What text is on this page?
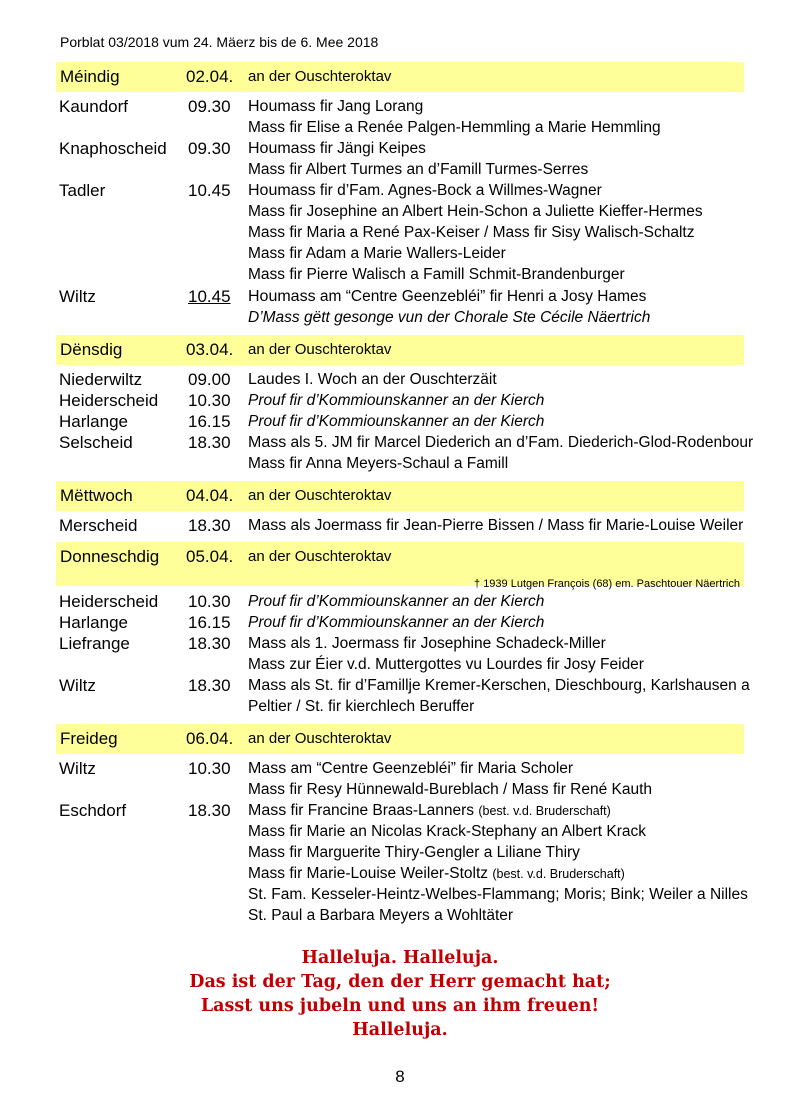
Porblat 03/2018 vum 24. Mäerz bis de 6. Mee 2018
Méindig	02.04. an der Ouschteroktav
Kaundorf	09.30 Houmass fir Jang Lorang
Mass fir Elise a Renée Palgen-Hemmling a Marie Hemmling
Knaphoscheid 09.30 Houmass fir Jängi Keipes
Mass fir Albert Turmes an d’Famill Turmes-Serres
Tadler	10.45 Houmass fir d’Fam. Agnes-Bock a Willmes-Wagner
Mass fir Josephine an Albert Hein-Schon a Juliette Kieffer-Hermes
Mass fir Maria a René Pax-Keiser / Mass fir Sisy Walisch-Schaltz
Mass fir Adam a Marie Wallers-Leider
Mass fir Pierre Walisch a Famill Schmit-Brandenburger
Wiltz	10.45 Houmass am “Centre Geenzebléi” fir Henri a Josy Hames
D’Mass gëtt gesonge vun der Chorale Ste Cécile Näertrich
Dënsdig	03.04. an der Ouschteroktav
Niederwiltz	09.00 Laudes I. Woch an der Ouschterzäit
Heiderscheid 10.30 Prouf fir d’Kommiounskanner an der Kierch
Harlange	16.15 Prouf fir d’Kommiounskanner an der Kierch
Selscheid	18.30 Mass als 5. JM fir Marcel Diederich an d’Fam. Diederich-Glod-Rodenbour
Mass fir Anna Meyers-Schaul a Famill
Mëttwoch	04.04. an der Ouschteroktav
Merscheid	18.30 Mass als Joermass fir Jean-Pierre Bissen / Mass fir Marie-Louise Weiler
Donneschdig 05.04. an der Ouschteroktav
† 1939 Lutgen François (68) em. Paschtouer Näertrich
Heiderscheid 10.30 Prouf fir d’Kommiounskanner an der Kierch
Harlange	16.15 Prouf fir d’Kommiounskanner an der Kierch
Liefrange	18.30 Mass als 1. Joermass fir Josephine Schadeck-Miller
Mass zur Éier v.d. Muttergottes vu Lourdes fir Josy Feider
Wiltz	18.30 Mass als St. fir d’Famillje Kremer-Kerschen, Dieschbourg, Karlshausen a
Peltier / St. fir kierchlech Beruffer
Freideg	06.04. an der Ouschteroktav
Wiltz	10.30 Mass am “Centre Geenzebléi” fir Maria Scholer
Mass fir Resy Hünnewald-Bureblach / Mass fir René Kauth
Eschdorf	18.30 Mass fir Francine Braas-Lanners (best. v.d. Bruderschaft)
Mass fir Marie an Nicolas Krack-Stephany an Albert Krack
Mass fir Marguerite Thiry-Gengler a Liliane Thiry
Mass fir Marie-Louise Weiler-Stoltz (best. v.d. Bruderschaft)
St. Fam. Kesseler-Heintz-Welbes-Flammang; Moris; Bink; Weiler a Nilles
St. Paul a Barbara Meyers a Wohltäter
Halleluja. Halleluja.
Das ist der Tag, den der Herr gemacht hat;
Lasst uns jubeln und uns an ihm freuen!
Halleluja.
8
